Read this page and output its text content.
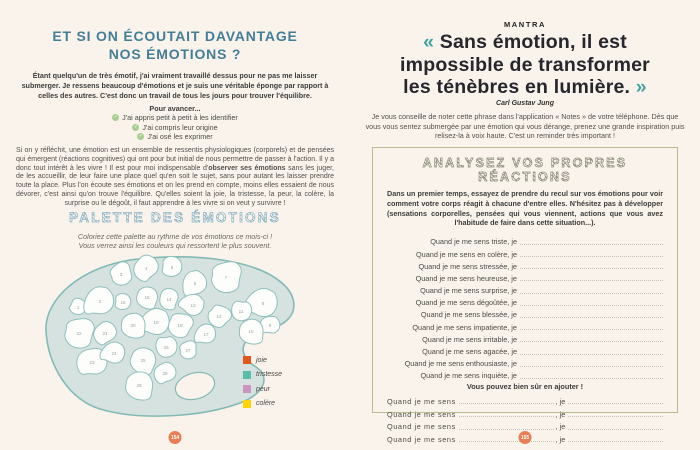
ET SI ON ÉCOUTAIT DAVANTAGE
NOS ÉMOTIONS ?

Étant quelqu'un de très émotif, j'ai vraiment travaillé dessus pour ne pas me laisser submerger. Je ressens beaucoup d'émotions et je suis une véritable éponge par rapport à celles des autres. C'est donc un travail de tous les jours pour trouver l'équilibre.

Pour avancer...
✓ J'ai appris petit à petit à les identifier
✓ J'ai compris leur origine
✓ J'ai osé les exprimer

Si on y réfléchit, une émotion est un ensemble de ressentis physiologiques (corporels) et de pensées qui émergent (réactions cognitives) qui ont pour but initial de nous permettre de passer à l'action. Il y a donc tout intérêt à les vivre ! Il est pour moi indispensable d'observer ses émotions sans les juger, de les accueillir, de leur faire une place quel qu'en soit le sujet, sans pour autant les laisser prendre toute la place. Plus l'on écoute ses émotions et on les prend en compte, moins elles essaient de nous dévorer, c'est ainsi qu'on trouve l'équilibre. Qu'elles soient la joie, la tristesse, la peur, la colère, la surprise ou le dégoût, il faut apprendre à les vivre si on veut y survivre !

PALETTE DES ÉMOTIONS
Coloriez cette palette au rythme de vos émotions ce mois-ci !
Vous verrez ainsi les couleurs qui ressortent le plus souvent.
1
2
3
4	5
6
7
8
9
10
11
12
13
14
15
16
17
18
19
20
21
22
23
24
25
26
27
28
29
joie
tristesse
peur
colère
154
MANTRA
« Sans émotion, il est impossible de transformer les ténèbres en lumière. »
Carl Gustav Jung

Je vous conseille de noter cette phrase dans l'application « Notes » de votre téléphone. Dès que vous vous sentez submergée par une émotion qui vous dérange, prenez une grande inspiration puis relisez-la à voix haute. C'est un reminder très important !

ANALYSEZ VOS PROPRES RÉACTIONS
Dans un premier temps, essayez de prendre du recul sur vos émotions pour voir comment votre corps réagit à chacune d'entre elles. N'hésitez pas à développer (sensations corporelles, pensées qui vous viennent, actions que vous avez l'habitude de faire dans cette situation...).
Quand je me sens triste, je
Quand je me sens en colère, je
Quand je me sens stressée, je
Quand je me sens heureuse, je
Quand je me sens surprise, je
Quand je me sens dégoûtée, je
Quand je me sens blessée, je
Quand je me sens impatiente, je
Quand je me sens irritable, je
Quand je me sens agacée, je
Quand je me sens enthousiaste, je
Quand je me sens inquiète, je
Vous pouvez bien sûr en ajouter !
Quand je me sens	, je
Quand je me sens	, je
Quand je me sens	, je
Quand je me sens	, je
155
